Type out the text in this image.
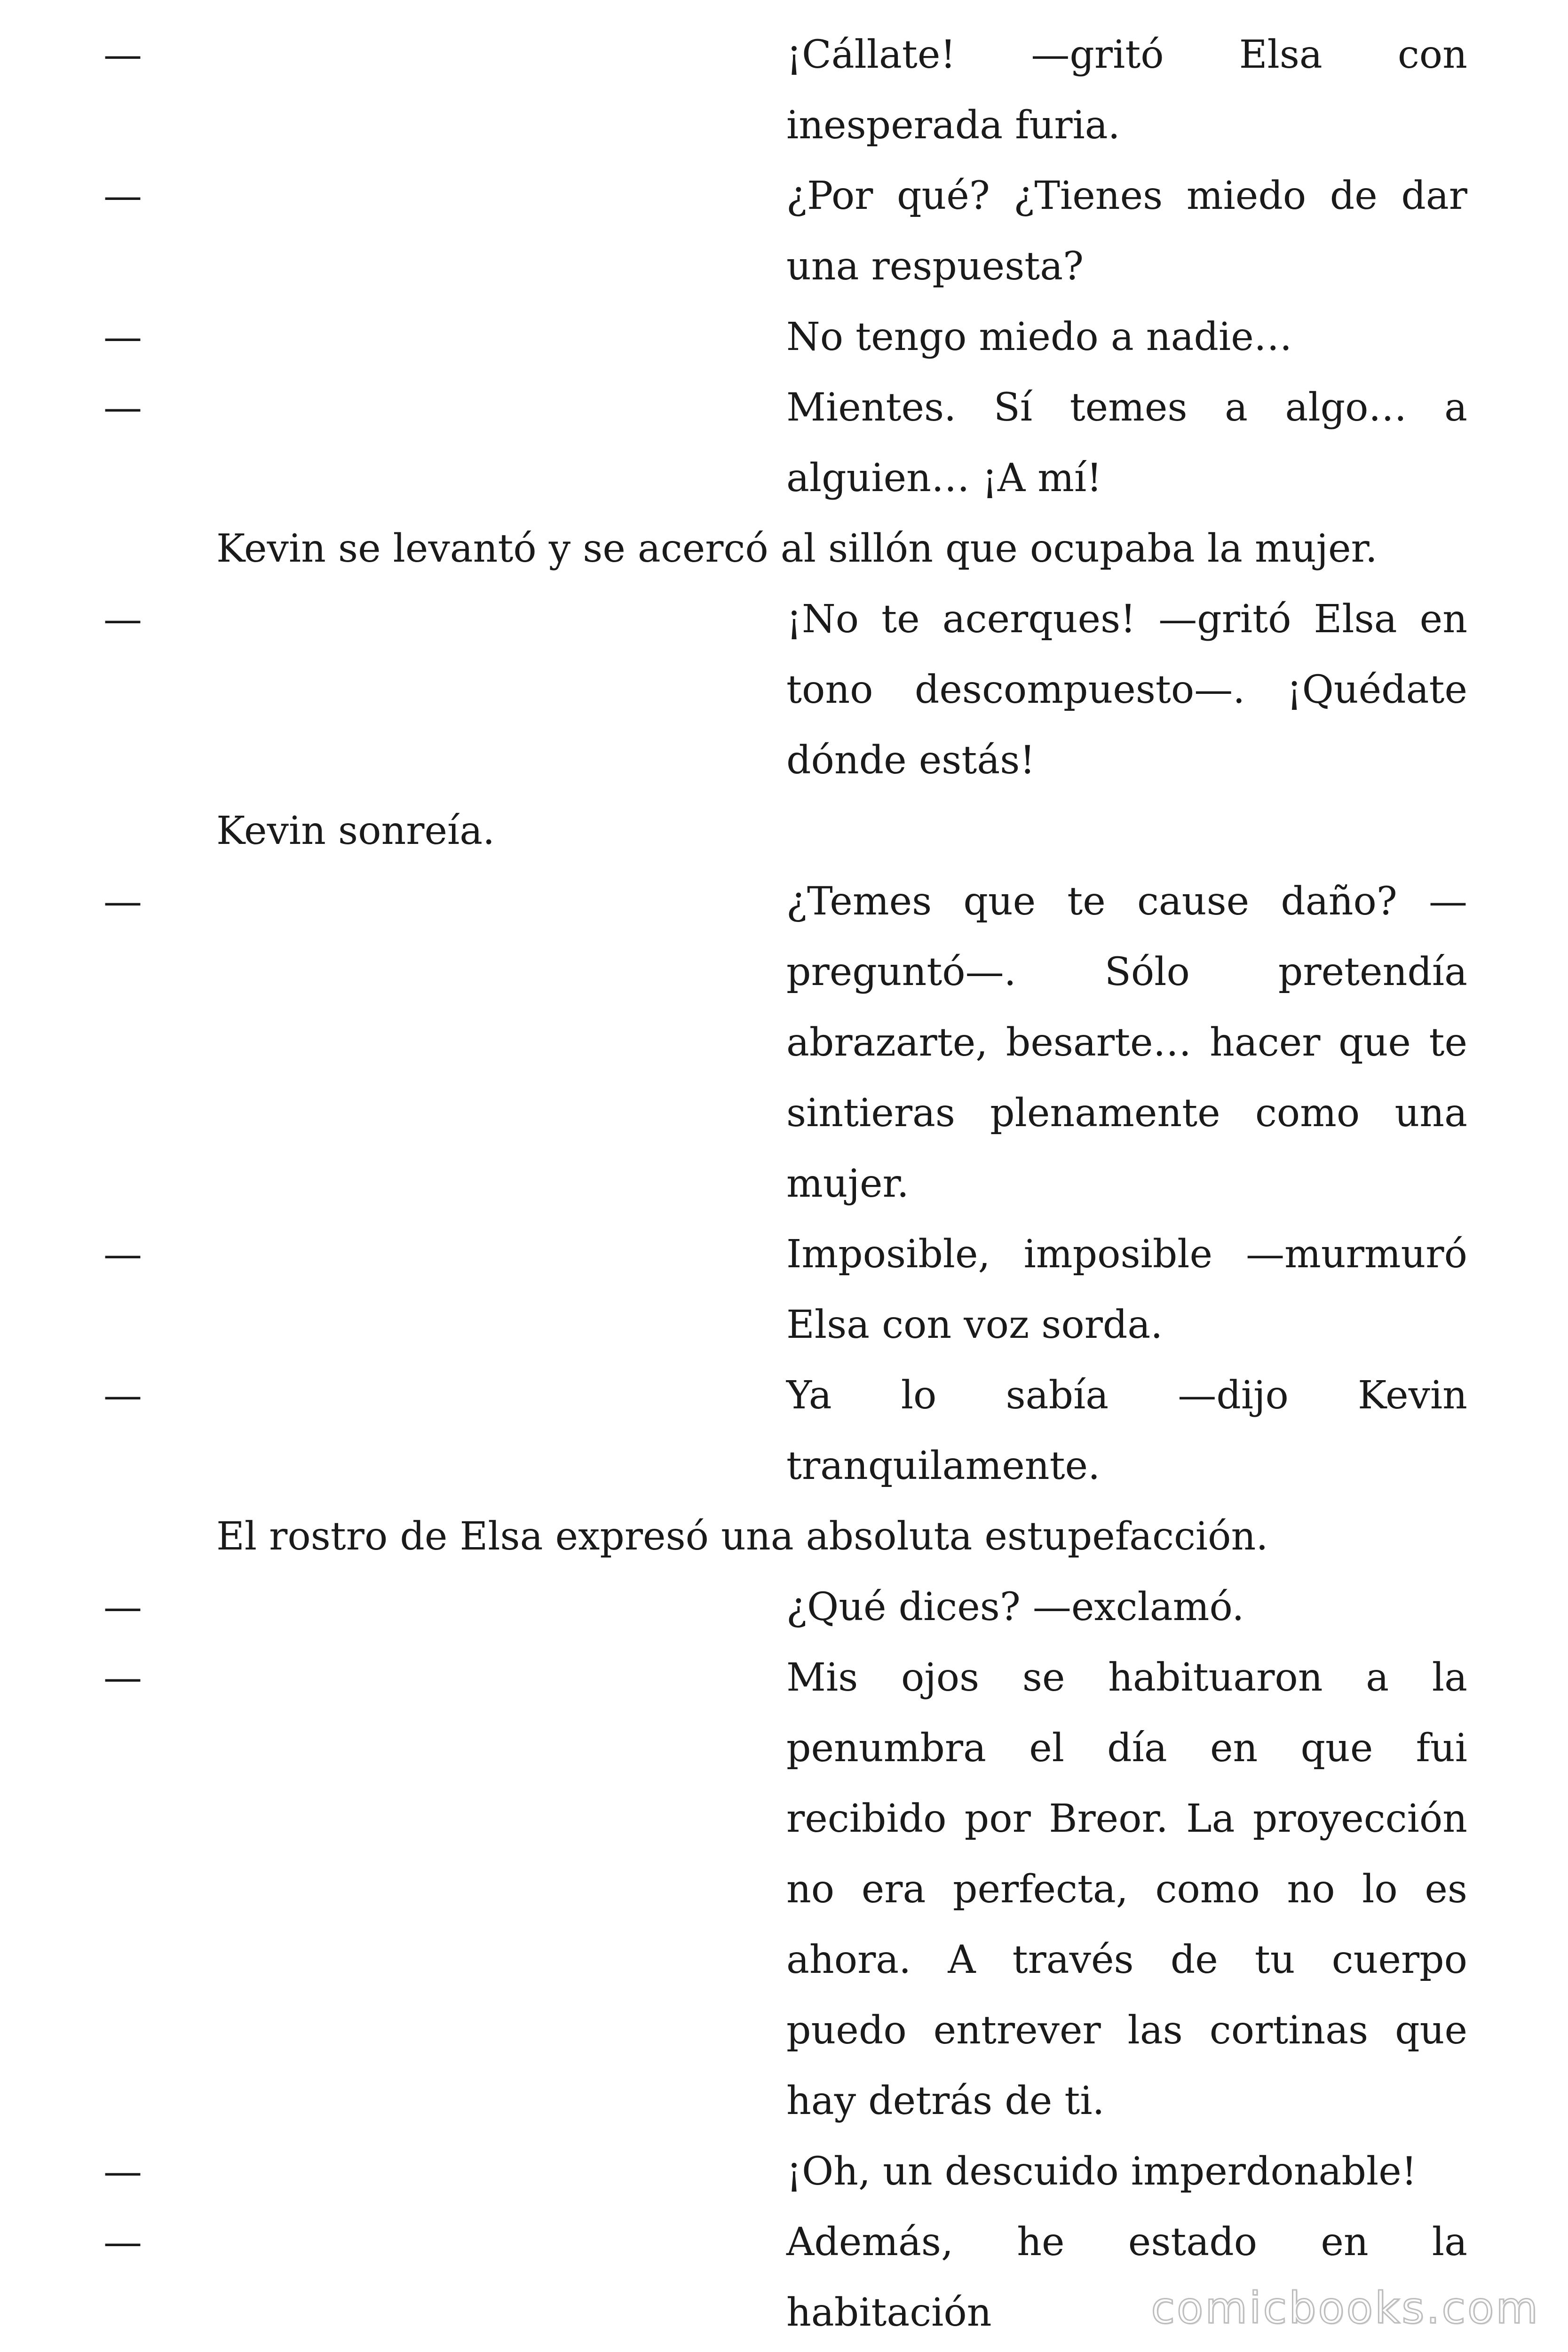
—	¡Cállate! —gritó Elsa con inesperada furia.

—	¿Por qué? ¿Tienes miedo de dar una respuesta?

—	No tengo miedo a nadie…

—	Mientes. Sí temes a algo… a alguien… ¡A mí!

Kevin se levantó y se acercó al sillón que ocupaba la mujer.

—	¡No te acerques! —gritó Elsa en tono descompuesto—. ¡Quédate dónde estás!

Kevin sonreía.

—	¿Temes que te cause daño? —preguntó—. Sólo pretendía abrazarte, besarte… hacer que te sintieras plenamente como una mujer.

—	Imposible, imposible —murmuró Elsa con voz sorda.

—	Ya lo sabía —dijo Kevin tranquilamente.

El rostro de Elsa expresó una absoluta estupefacción.

—	¿Qué dices? —exclamó.

—	Mis ojos se habituaron a la penumbra el día en que fui recibido por Breor. La proyección no era perfecta, como no lo es ahora. A través de tu cuerpo puedo entrever las cortinas que hay detrás de ti.

—	¡Oh, un descuido imperdonable!

—	Además, he estado en la habitación	comicbooks.com
